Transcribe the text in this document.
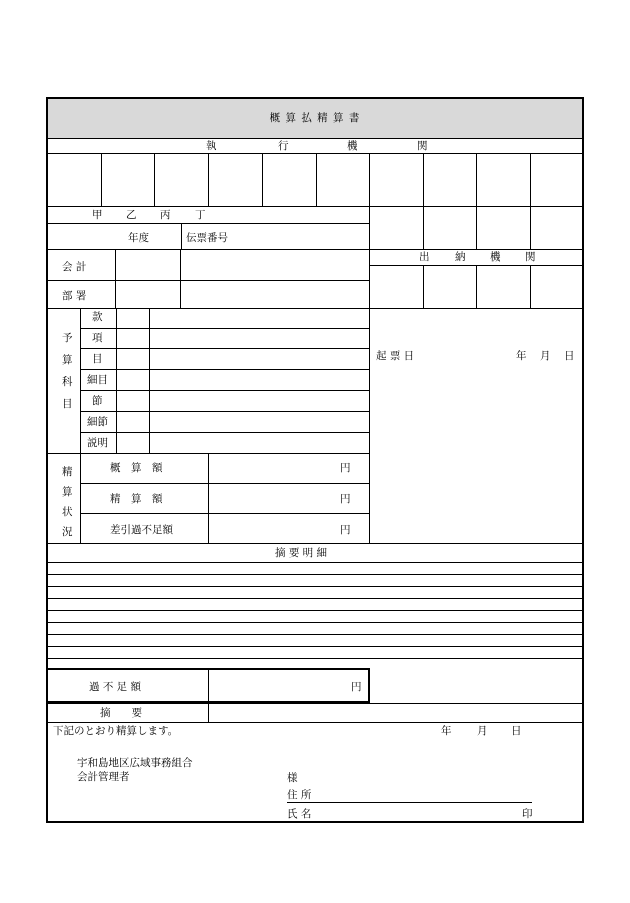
概 算 払 精 算 書
執	行	機	関
甲 乙 丙 丁
年度	伝票番号
出 納 機 関
会 計
部 署
予
算
科
目
款
項
目
細目
節
細節
説明
起 票 日	年 月 日
精
算
状
況
概　算　額	円
精　算　額	円
差引過不足額	円
摘 要 明 細
過 不 足 額	円
摘　　要
下記のとおり精算します。	年 月 日
宇和島地区広域事務組合
会計管理者	様
住 所
氏 名	印
